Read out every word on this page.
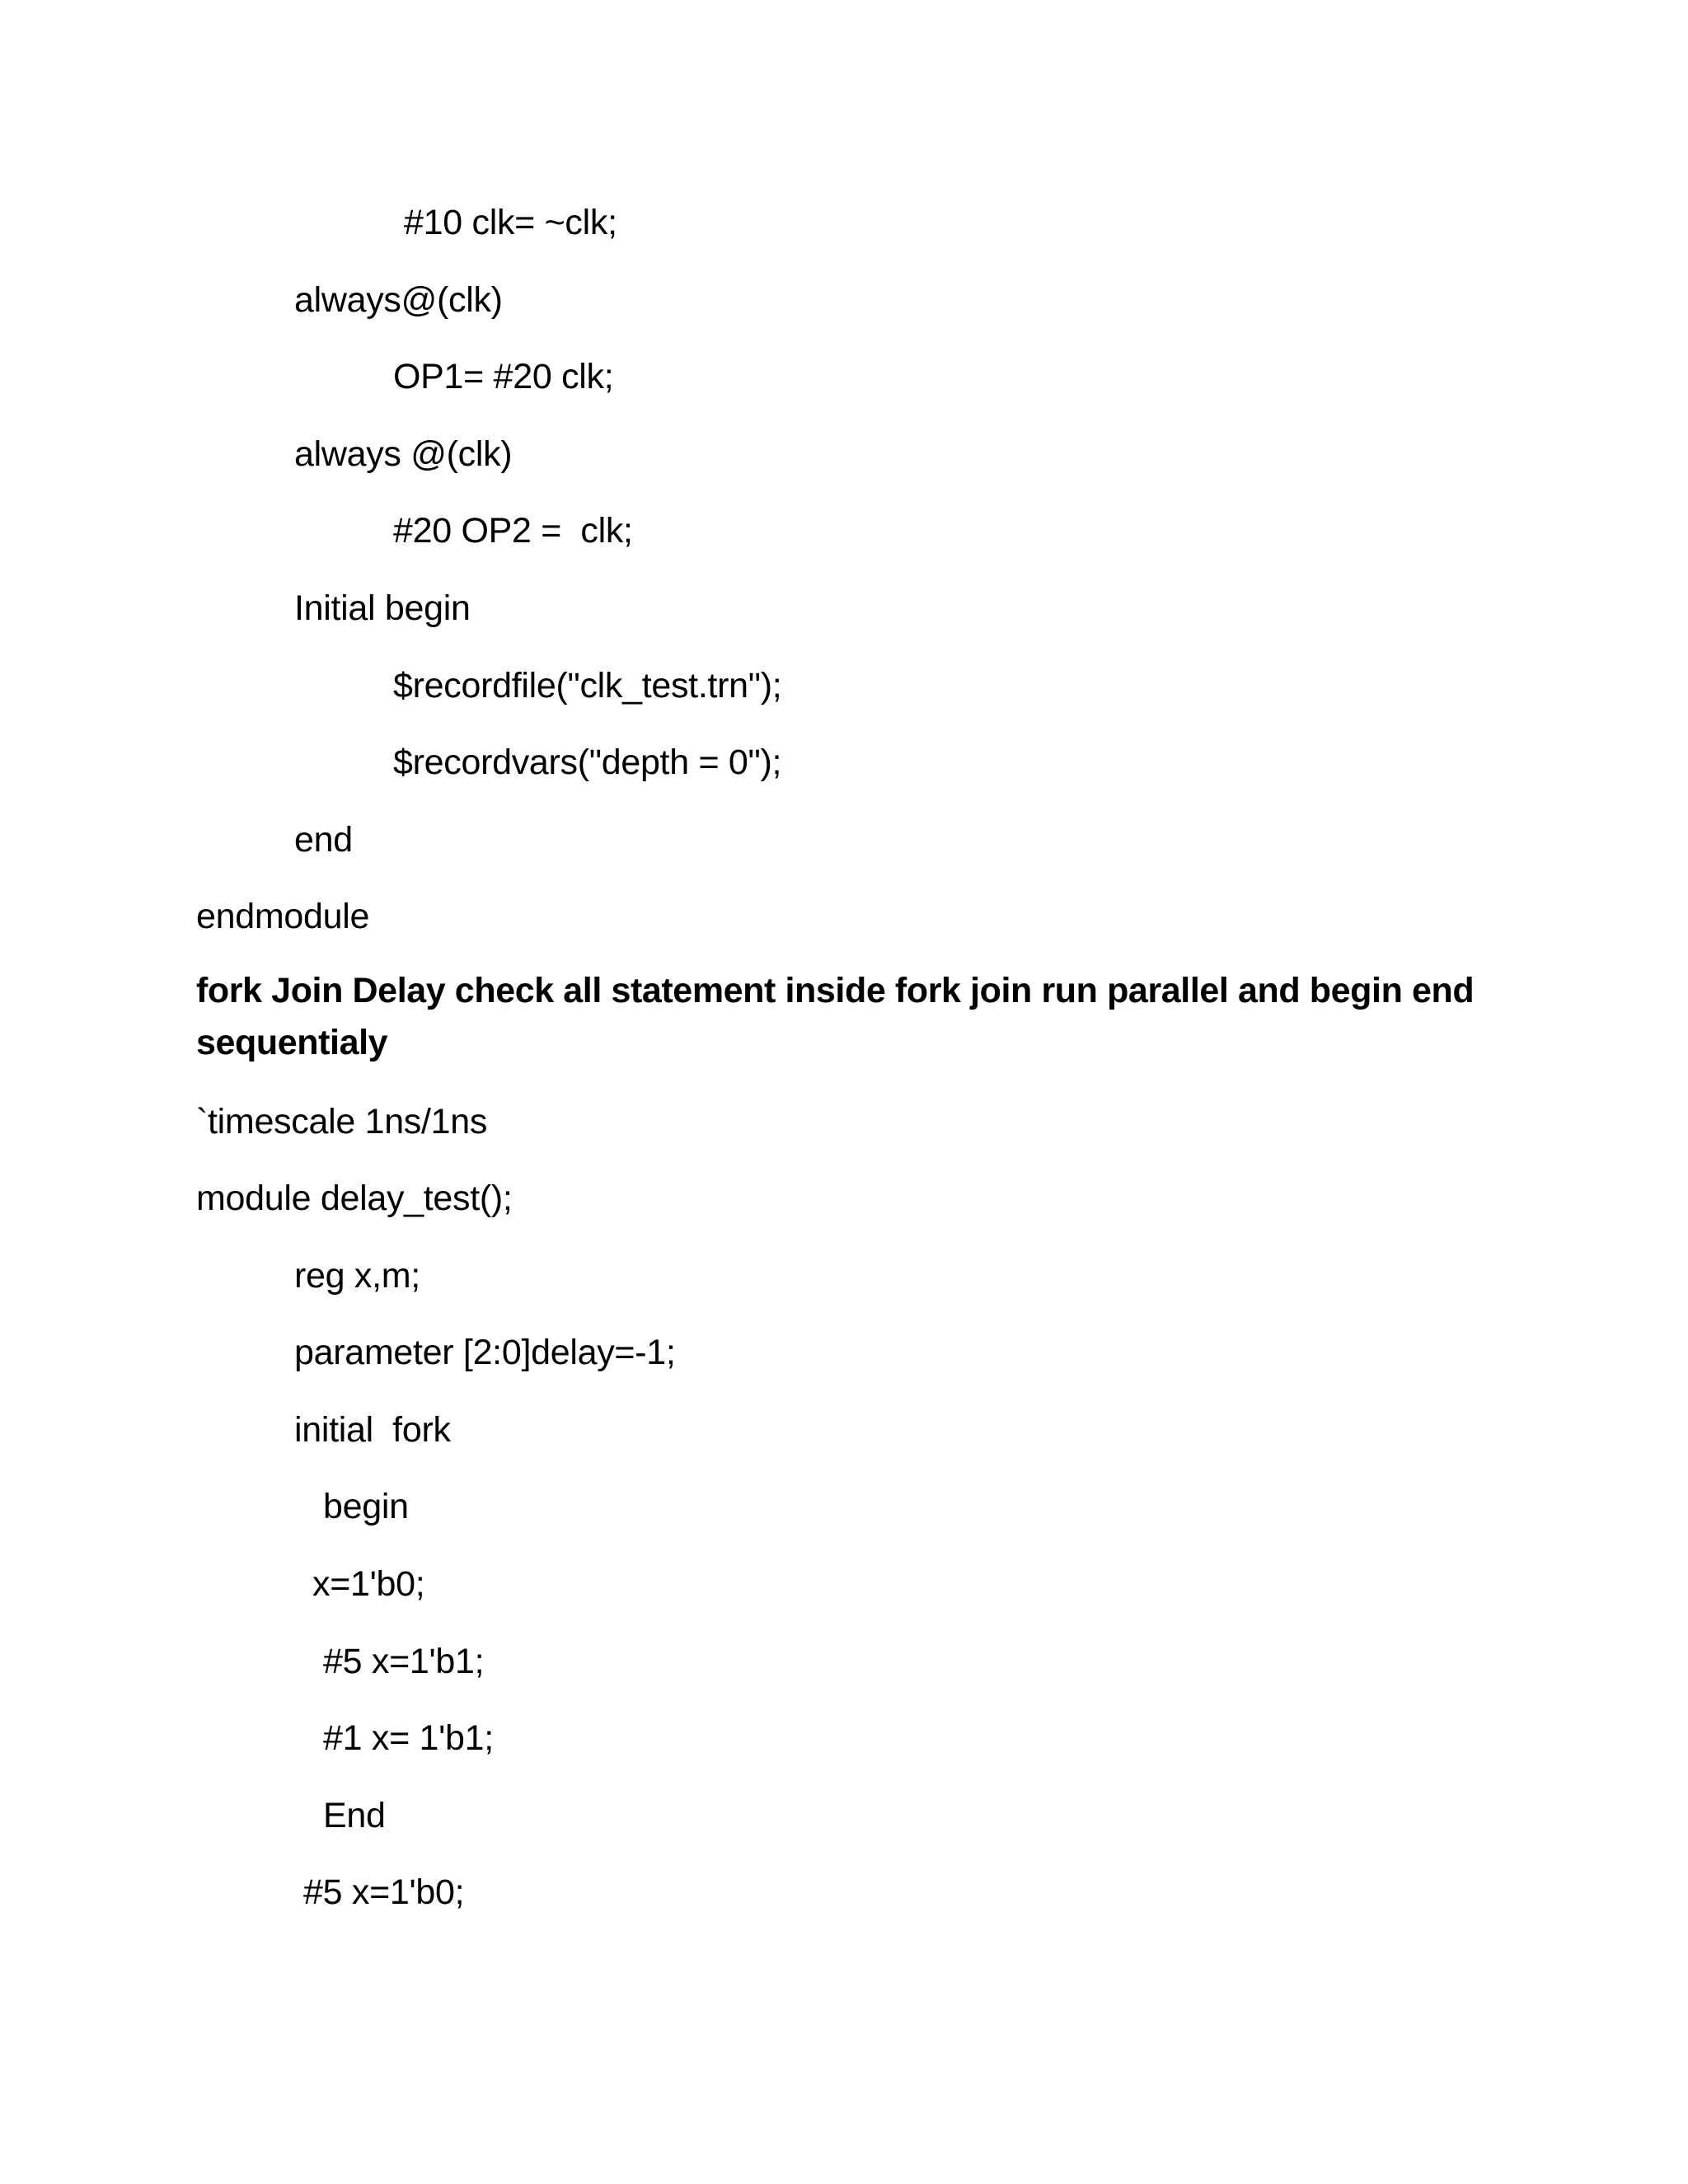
#10 clk= ~clk;
always@(clk)
OP1= #20 clk;
always @(clk)
#20 OP2 =  clk;
Initial begin
$recordfile("clk_test.trn");
$recordvars("depth = 0");
end
endmodule
fork Join Delay check all statement inside fork join run parallel and begin end sequentialy
`timescale 1ns/1ns
module delay_test();
reg x,m;
parameter [2:0]delay=-1;
initial  fork
begin
x=1'b0;
#5 x=1'b1;
#1 x= 1'b1;
End
#5 x=1'b0;
